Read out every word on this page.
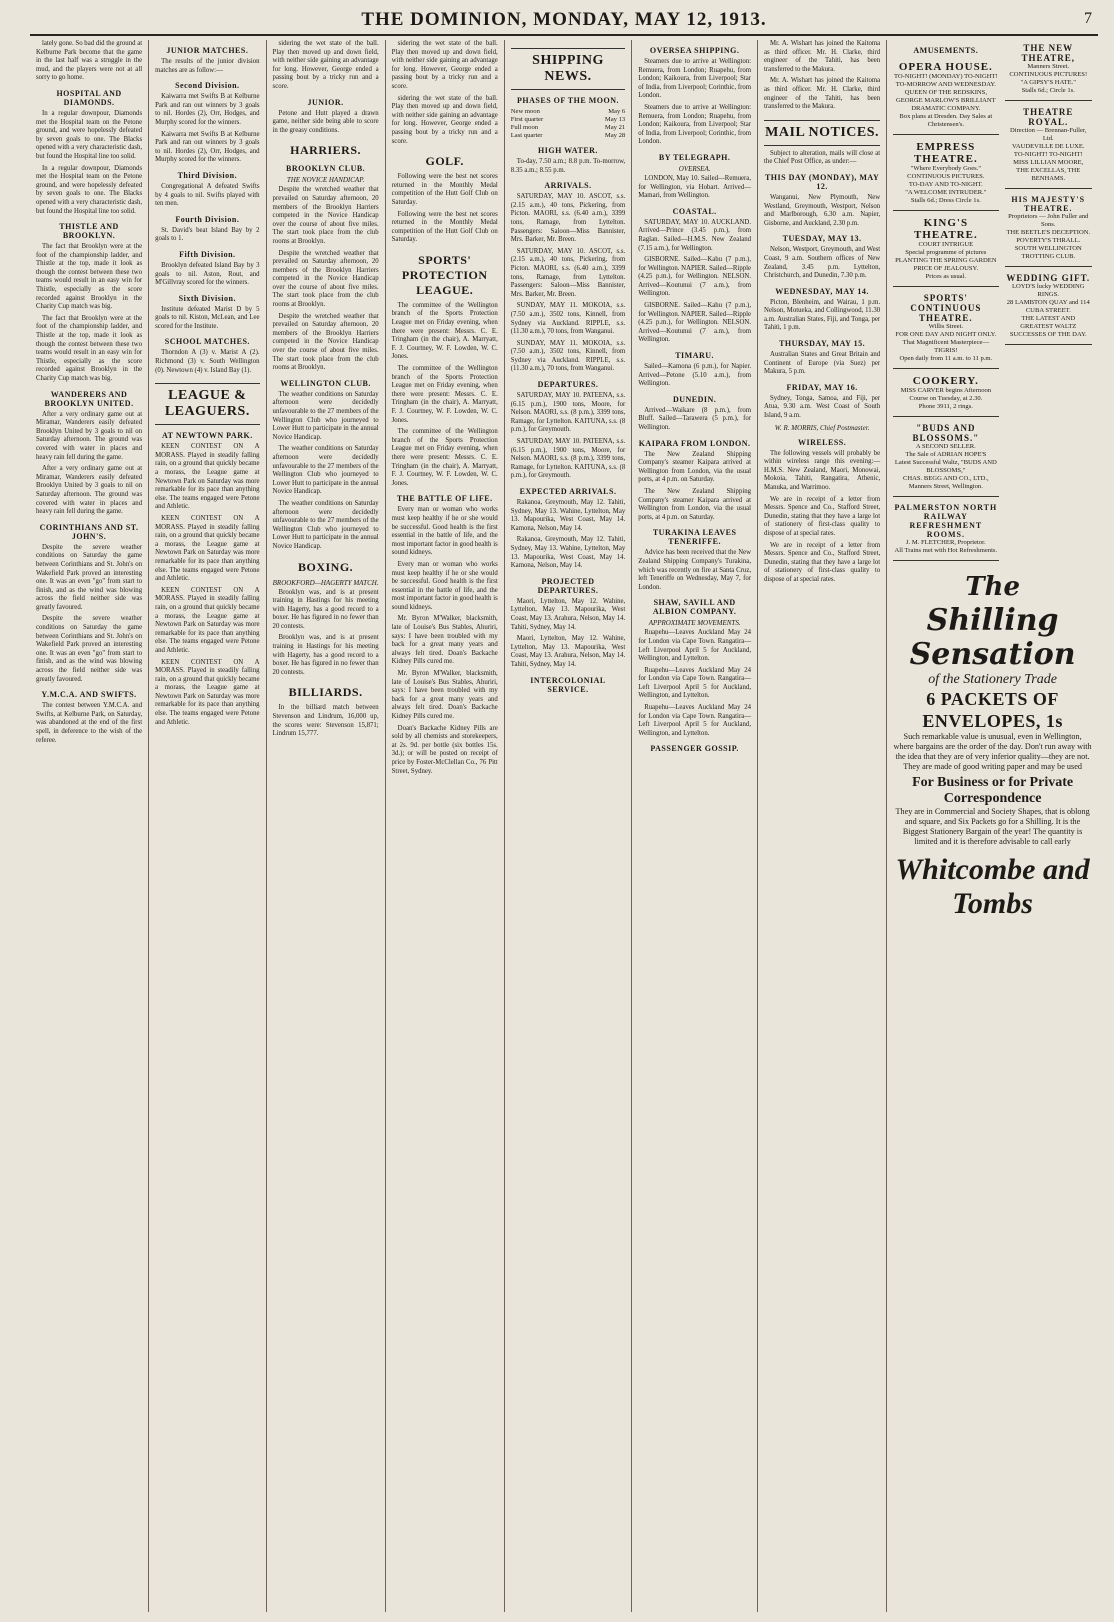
THE DOMINION, MONDAY, MAY 12, 1913.	7

lately gone. So bad did the ground at Kelburne Park become that the game in the last half was a struggle in the mud, and the players were not at all sorry to go home.

HOSPITAL AND DIAMONDS.

In a regular downpour, Diamonds met the Hospital team on the Petone ground, and were hopelessly defeated by seven goals to one. The Blacks opened with a very characteristic dash, but found the Hospital line too solid.

In a regular downpour, Diamonds met the Hospital team on the Petone ground, and were hopelessly defeated by seven goals to one. The Blacks opened with a very characteristic dash, but found the Hospital line too solid.

THISTLE AND BROOKLYN.

The fact that Brooklyn were at the foot of the championship ladder, and Thistle at the top, made it look as though the contest between these two teams would result in an easy win for Thistle, especially as the score recorded against Brooklyn in the Charity Cup match was big.

The fact that Brooklyn were at the foot of the championship ladder, and Thistle at the top, made it look as though the contest between these two teams would result in an easy win for Thistle, especially as the score recorded against Brooklyn in the Charity Cup match was big.

WANDERERS AND BROOKLYN UNITED.

After a very ordinary game out at Miramar, Wanderers easily defeated Brooklyn United by 3 goals to nil on Saturday afternoon. The ground was covered with water in places and heavy rain fell during the game.

After a very ordinary game out at Miramar, Wanderers easily defeated Brooklyn United by 3 goals to nil on Saturday afternoon. The ground was covered with water in places and heavy rain fell during the game.

CORINTHIANS AND ST. JOHN'S.

Despite the severe weather conditions on Saturday the game between Corinthians and St. John's on Wakefield Park proved an interesting one. It was an even "go" from start to finish, and as the wind was blowing across the field neither side was greatly favoured.

Despite the severe weather conditions on Saturday the game between Corinthians and St. John's on Wakefield Park proved an interesting one. It was an even "go" from start to finish, and as the wind was blowing across the field neither side was greatly favoured.

Y.M.C.A. AND SWIFTS.

The contest between Y.M.C.A. and Swifts, at Kelburne Park, on Saturday, was abandoned at the end of the first spell, in deference to the wish of the referee.

JUNIOR MATCHES.

The results of the junior division matches are as follow:—

Second Division.

Kaiwarra met Swifts B at Kelburne Park and ran out winners by 3 goals to nil. Hordes (2), Orr, Hodges, and Murphy scored for the winners.

Kaiwarra met Swifts B at Kelburne Park and ran out winners by 3 goals to nil. Hordes (2), Orr, Hodges, and Murphy scored for the winners.

Third Division.

Congregational A defeated Swifts by 4 goals to nil. Swifts played with ten men.

Fourth Division.

St. David's beat Island Bay by 2 goals to 1.

Fifth Division.

Brooklyn defeated Island Bay by 3 goals to nil. Aston, Rout, and M'Gillvray scored for the winners.

Sixth Division.

Institute defeated Marist D by 5 goals to nil. Kiston, McLean, and Lee scored for the Institute.

SCHOOL MATCHES.

Thorndon A (3) v. Marist A (2). Richmond (3) v. South Wellington (0). Newtown (4) v. Island Bay (1).

LEAGUE & LEAGUERS.
AT NEWTOWN PARK.

KEEN CONTEST ON A MORASS. Played in steadily falling rain, on a ground that quickly became a morass, the League game at Newtown Park on Saturday was more remarkable for its pace than anything else. The teams engaged were Petone and Athletic.

KEEN CONTEST ON A MORASS. Played in steadily falling rain, on a ground that quickly became a morass, the League game at Newtown Park on Saturday was more remarkable for its pace than anything else. The teams engaged were Petone and Athletic.

KEEN CONTEST ON A MORASS. Played in steadily falling rain, on a ground that quickly became a morass, the League game at Newtown Park on Saturday was more remarkable for its pace than anything else. The teams engaged were Petone and Athletic.

KEEN CONTEST ON A MORASS. Played in steadily falling rain, on a ground that quickly became a morass, the League game at Newtown Park on Saturday was more remarkable for its pace than anything else. The teams engaged were Petone and Athletic.

sidering the wet state of the ball. Play then moved up and down field, with neither side gaining an advantage for long. However, George ended a passing bout by a tricky run and a score.

JUNIOR.

Petone and Hutt played a drawn game, neither side being able to score in the greasy conditions.

HARRIERS.
BROOKLYN CLUB.
THE NOVICE HANDICAP.

Despite the wretched weather that prevailed on Saturday afternoon, 20 members of the Brooklyn Harriers competed in the Novice Handicap over the course of about five miles. The start took place from the club rooms at Brooklyn.

Despite the wretched weather that prevailed on Saturday afternoon, 20 members of the Brooklyn Harriers competed in the Novice Handicap over the course of about five miles. The start took place from the club rooms at Brooklyn.

Despite the wretched weather that prevailed on Saturday afternoon, 20 members of the Brooklyn Harriers competed in the Novice Handicap over the course of about five miles. The start took place from the club rooms at Brooklyn.

WELLINGTON CLUB.

The weather conditions on Saturday afternoon were decidedly unfavourable to the 27 members of the Wellington Club who journeyed to Lower Hutt to participate in the annual Novice Handicap.

The weather conditions on Saturday afternoon were decidedly unfavourable to the 27 members of the Wellington Club who journeyed to Lower Hutt to participate in the annual Novice Handicap.

The weather conditions on Saturday afternoon were decidedly unfavourable to the 27 members of the Wellington Club who journeyed to Lower Hutt to participate in the annual Novice Handicap.

BOXING.
BROOKFORD—HAGERTY MATCH.

Brooklyn was, and is at present training in Hastings for his meeting with Hagerty, has a good record to a boxer. He has figured in no fewer than 20 contests.

Brooklyn was, and is at present training in Hastings for his meeting with Hagerty, has a good record to a boxer. He has figured in no fewer than 20 contests.

BILLIARDS.

In the billiard match between Stevenson and Lindrum, 16,000 up, the scores were: Stevenson 15,871; Lindrum 15,777.

sidering the wet state of the ball. Play then moved up and down field, with neither side gaining an advantage for long. However, George ended a passing bout by a tricky run and a score.

sidering the wet state of the ball. Play then moved up and down field, with neither side gaining an advantage for long. However, George ended a passing bout by a tricky run and a score.

GOLF.

Following were the best net scores returned in the Monthly Medal competition of the Hutt Golf Club on Saturday.

Following were the best net scores returned in the Monthly Medal competition of the Hutt Golf Club on Saturday.

SPORTS' PROTECTION LEAGUE.

The committee of the Wellington branch of the Sports Protection League met on Friday evening, when there were present: Messrs. C. E. Tringham (in the chair), A. Marryatt, F. J. Courtney, W. F. Lowden, W. C. Jones.

The committee of the Wellington branch of the Sports Protection League met on Friday evening, when there were present: Messrs. C. E. Tringham (in the chair), A. Marryatt, F. J. Courtney, W. F. Lowden, W. C. Jones.

The committee of the Wellington branch of the Sports Protection League met on Friday evening, when there were present: Messrs. C. E. Tringham (in the chair), A. Marryatt, F. J. Courtney, W. F. Lowden, W. C. Jones.

THE BATTLE OF LIFE.

Every man or woman who works must keep healthy if he or she would be successful. Good health is the first essential in the battle of life, and the most important factor in good health is sound kidneys.

Every man or woman who works must keep healthy if he or she would be successful. Good health is the first essential in the battle of life, and the most important factor in good health is sound kidneys.

Mr. Byron M'Walker, blacksmith, late of Louise's Bus Stables, Ahuriri, says: I have been troubled with my back for a great many years and always felt tired. Doan's Backache Kidney Pills cured me.

Mr. Byron M'Walker, blacksmith, late of Louise's Bus Stables, Ahuriri, says: I have been troubled with my back for a great many years and always felt tired. Doan's Backache Kidney Pills cured me.

Doan's Backache Kidney Pills are sold by all chemists and storekeepers, at 2s. 9d. per bottle (six bottles 15s. 3d.); or will be posted on receipt of price by Foster-McClellan Co., 76 Pitt Street, Sydney.

SHIPPING NEWS.
PHASES OF THE MOON.
New moon	May 6
First quarter	May 13
Full moon	May 21
Last quarter	May 28
HIGH WATER.

To-day, 7.50 a.m.; 8.8 p.m. To-morrow, 8.35 a.m.; 8.55 p.m.

ARRIVALS.

SATURDAY, MAY 10. ASCOT, s.s. (2.15 a.m.), 40 tons, Pickering, from Picton. MAORI, s.s. (6.40 a.m.), 3399 tons, Ramage, from Lyttelton. Passengers: Saloon—Miss Bannister, Mrs. Barker, Mr. Breen.

SATURDAY, MAY 10. ASCOT, s.s. (2.15 a.m.), 40 tons, Pickering, from Picton. MAORI, s.s. (6.40 a.m.), 3399 tons, Ramage, from Lyttelton. Passengers: Saloon—Miss Bannister, Mrs. Barker, Mr. Breen.

SUNDAY, MAY 11. MOKOIA, s.s. (7.50 a.m.), 3502 tons, Kinnell, from Sydney via Auckland. RIPPLE, s.s. (11.30 a.m.), 70 tons, from Wanganui.

SUNDAY, MAY 11. MOKOIA, s.s. (7.50 a.m.), 3502 tons, Kinnell, from Sydney via Auckland. RIPPLE, s.s. (11.30 a.m.), 70 tons, from Wanganui.

DEPARTURES.

SATURDAY, MAY 10. PATEENA, s.s. (6.15 p.m.), 1900 tons, Moore, for Nelson. MAORI, s.s. (8 p.m.), 3399 tons, Ramage, for Lyttelton. KAITUNA, s.s. (8 p.m.), for Greymouth.

SATURDAY, MAY 10. PATEENA, s.s. (6.15 p.m.), 1900 tons, Moore, for Nelson. MAORI, s.s. (8 p.m.), 3399 tons, Ramage, for Lyttelton. KAITUNA, s.s. (8 p.m.), for Greymouth.

EXPECTED ARRIVALS.

Rakanoa, Greymouth, May 12. Tahiti, Sydney, May 13. Wahine, Lyttelton, May 13. Mapourika, West Coast, May 14. Kamona, Nelson, May 14.

Rakanoa, Greymouth, May 12. Tahiti, Sydney, May 13. Wahine, Lyttelton, May 13. Mapourika, West Coast, May 14. Kamona, Nelson, May 14.

PROJECTED DEPARTURES.

Maori, Lyttelton, May 12. Wahine, Lyttelton, May 13. Mapourika, West Coast, May 13. Arahura, Nelson, May 14. Tahiti, Sydney, May 14.

Maori, Lyttelton, May 12. Wahine, Lyttelton, May 13. Mapourika, West Coast, May 13. Arahura, Nelson, May 14. Tahiti, Sydney, May 14.

INTERCOLONIAL SERVICE.
OVERSEA SHIPPING.

Steamers due to arrive at Wellington: Remuera, from London; Ruapehu, from London; Kaikoura, from Liverpool; Star of India, from Liverpool; Corinthic, from London.

Steamers due to arrive at Wellington: Remuera, from London; Ruapehu, from London; Kaikoura, from Liverpool; Star of India, from Liverpool; Corinthic, from London.

BY TELEGRAPH.
OVERSEA.

LONDON, May 10. Sailed—Remuera, for Wellington, via Hobart. Arrived—Mamari, from Wellington.

COASTAL.

SATURDAY, MAY 10. AUCKLAND. Arrived—Prince (3.45 p.m.), from Raglan. Sailed—H.M.S. New Zealand (7.15 a.m.), for Wellington.

GISBORNE. Sailed—Kahu (7 p.m.), for Wellington. NAPIER. Sailed—Ripple (4.25 p.m.), for Wellington. NELSON. Arrived—Koutunui (7 a.m.), from Wellington.

GISBORNE. Sailed—Kahu (7 p.m.), for Wellington. NAPIER. Sailed—Ripple (4.25 p.m.), for Wellington. NELSON. Arrived—Koutunui (7 a.m.), from Wellington.

TIMARU.

Sailed—Kamona (6 p.m.), for Napier. Arrived—Petone (5.10 a.m.), from Wellington.

DUNEDIN.

Arrived—Waikare (8 p.m.), from Bluff. Sailed—Tarawera (5 p.m.), for Wellington.

KAIPARA FROM LONDON.

The New Zealand Shipping Company's steamer Kaipara arrived at Wellington from London, via the usual ports, at 4 p.m. on Saturday.

The New Zealand Shipping Company's steamer Kaipara arrived at Wellington from London, via the usual ports, at 4 p.m. on Saturday.

TURAKINA LEAVES TENERIFFE.

Advice has been received that the New Zealand Shipping Company's Turakina, which was recently on fire at Santa Cruz, left Teneriffe on Wednesday, May 7, for London.

SHAW, SAVILL AND ALBION COMPANY.
APPROXIMATE MOVEMENTS.

Ruapehu—Leaves Auckland May 24 for London via Cape Town. Rangatira—Left Liverpool April 5 for Auckland, Wellington, and Lyttelton.

Ruapehu—Leaves Auckland May 24 for London via Cape Town. Rangatira—Left Liverpool April 5 for Auckland, Wellington, and Lyttelton.

Ruapehu—Leaves Auckland May 24 for London via Cape Town. Rangatira—Left Liverpool April 5 for Auckland, Wellington, and Lyttelton.

PASSENGER GOSSIP.

Mr. A. Wishart has joined the Kaitoma as third officer. Mr. H. Clarke, third engineer of the Tahiti, has been transferred to the Makura.

Mr. A. Wishart has joined the Kaitoma as third officer. Mr. H. Clarke, third engineer of the Tahiti, has been transferred to the Makura.

MAIL NOTICES.

Subject to alteration, mails will close at the Chief Post Office, as under:—

THIS DAY (MONDAY), MAY 12.

Wanganui, New Plymouth, New Westland, Greymouth, Westport, Nelson and Marlborough, 6.30 a.m. Napier, Gisborne, and Auckland, 2.30 p.m.

TUESDAY, MAY 13.

Nelson, Westport, Greymouth, and West Coast, 9 a.m. Southern offices of New Zealand, 3.45 p.m. Lyttelton, Christchurch, and Dunedin, 7.30 p.m.

WEDNESDAY, MAY 14.

Picton, Blenheim, and Wairau, 1 p.m. Nelson, Motueka, and Collingwood, 11.30 a.m. Australian States, Fiji, and Tonga, per Tahiti, 1 p.m.

THURSDAY, MAY 15.

Australian States and Great Britain and Continent of Europe (via Suez) per Makura, 5 p.m.

FRIDAY, MAY 16.

Sydney, Tonga, Samoa, and Fiji, per Atua, 9.30 a.m. West Coast of South Island, 9 a.m.

W. R. MORRIS, Chief Postmaster.
WIRELESS.

The following vessels will probably be within wireless range this evening:—H.M.S. New Zealand, Maori, Monowai, Mokoia, Tahiti, Rangatira, Athenic, Manuka, and Warrimoo.

We are in receipt of a letter from Messrs. Spence and Co., Stafford Street, Dunedin, stating that they have a large lot of stationery of first-class quality to dispose of at special rates.

We are in receipt of a letter from Messrs. Spence and Co., Stafford Street, Dunedin, stating that they have a large lot of stationery of first-class quality to dispose of at special rates.

AMUSEMENTS.
OPERA HOUSE.
TO-NIGHT! (MONDAY) TO-NIGHT!
TO-MORROW AND WEDNESDAY.
QUEEN OF THE REDSKINS,
GEORGE MARLOW'S BRILLIANT DRAMATIC COMPANY.
Box plans at Dresden. Day Sales at Christensen's.
EMPRESS THEATRE.
"Where Everybody Goes."
CONTINUOUS PICTURES.
TO-DAY AND TO-NIGHT.
"A WELCOME INTRUDER."
Stalls 6d.; Dress Circle 1s.
KING'S THEATRE.
COURT INTRIGUE
Special programme of pictures
PLANTING THE SPRING GARDEN
PRICE OF JEALOUSY.
Prices as usual.
SPORTS' CONTINUOUS THEATRE.
Willis Street.
FOR ONE DAY AND NIGHT ONLY.
That Magnificent Masterpiece—
TIGRIS!
Open daily from 11 a.m. to 11 p.m.
COOKERY.
MISS CARVER begins Afternoon Course on Tuesday, at 2.30.
Phone 3911, 2 rings.
"BUDS AND BLOSSOMS."
A SECOND SELLER.
The Sale of ADRIAN HOPE'S
Latest Successful Waltz, "BUDS AND BLOSSOMS,"
CHAS. BEGG AND CO., LTD.,
Manners Street, Wellington.
PALMERSTON NORTH RAILWAY REFRESHMENT ROOMS.
J. M. FLETCHER, Proprietor.
All Trains met with Hot Refreshments.
THE NEW THEATRE,
Manners Street.
CONTINUOUS PICTURES!
"A GIPSY'S HATE."
Stalls 6d.; Circle 1s.
THEATRE ROYAL.
Direction — Brennan-Fuller, Ltd.
VAUDEVILLE DE LUXE.
TO-NIGHT! TO-NIGHT!
MISS LILLIAN MOORE,
THE EXCELLAS, THE BENHAMS.
HIS MAJESTY'S THEATRE.
Proprietors — John Fuller and Sons.
THE BEETLE'S DECEPTION.
POVERTY'S THRALL.
SOUTH WELLINGTON TROTTING CLUB.
WEDDING GIFT.
LOYD'S lucky WEDDING RINGS.
28 LAMBTON QUAY and 114 CUBA STREET.
THE LATEST AND GREATEST WALTZ SUCCESSES OF THE DAY.
The
Shilling Sensation
of the Stationery Trade
6 PACKETS OF ENVELOPES, 1s

Such remarkable value is unusual, even in Wellington, where bargains are the order of the day. Don't run away with the idea that they are of very inferior quality—they are not. They are made of good writing paper and may be used

For Business or for Private Correspondence

They are in Commercial and Society Shapes, that is oblong and square, and Six Packets go for a Shilling. It is the Biggest Stationery Bargain of the year! The quantity is limited and it is therefore advisable to call early

Whitcombe and Tombs
